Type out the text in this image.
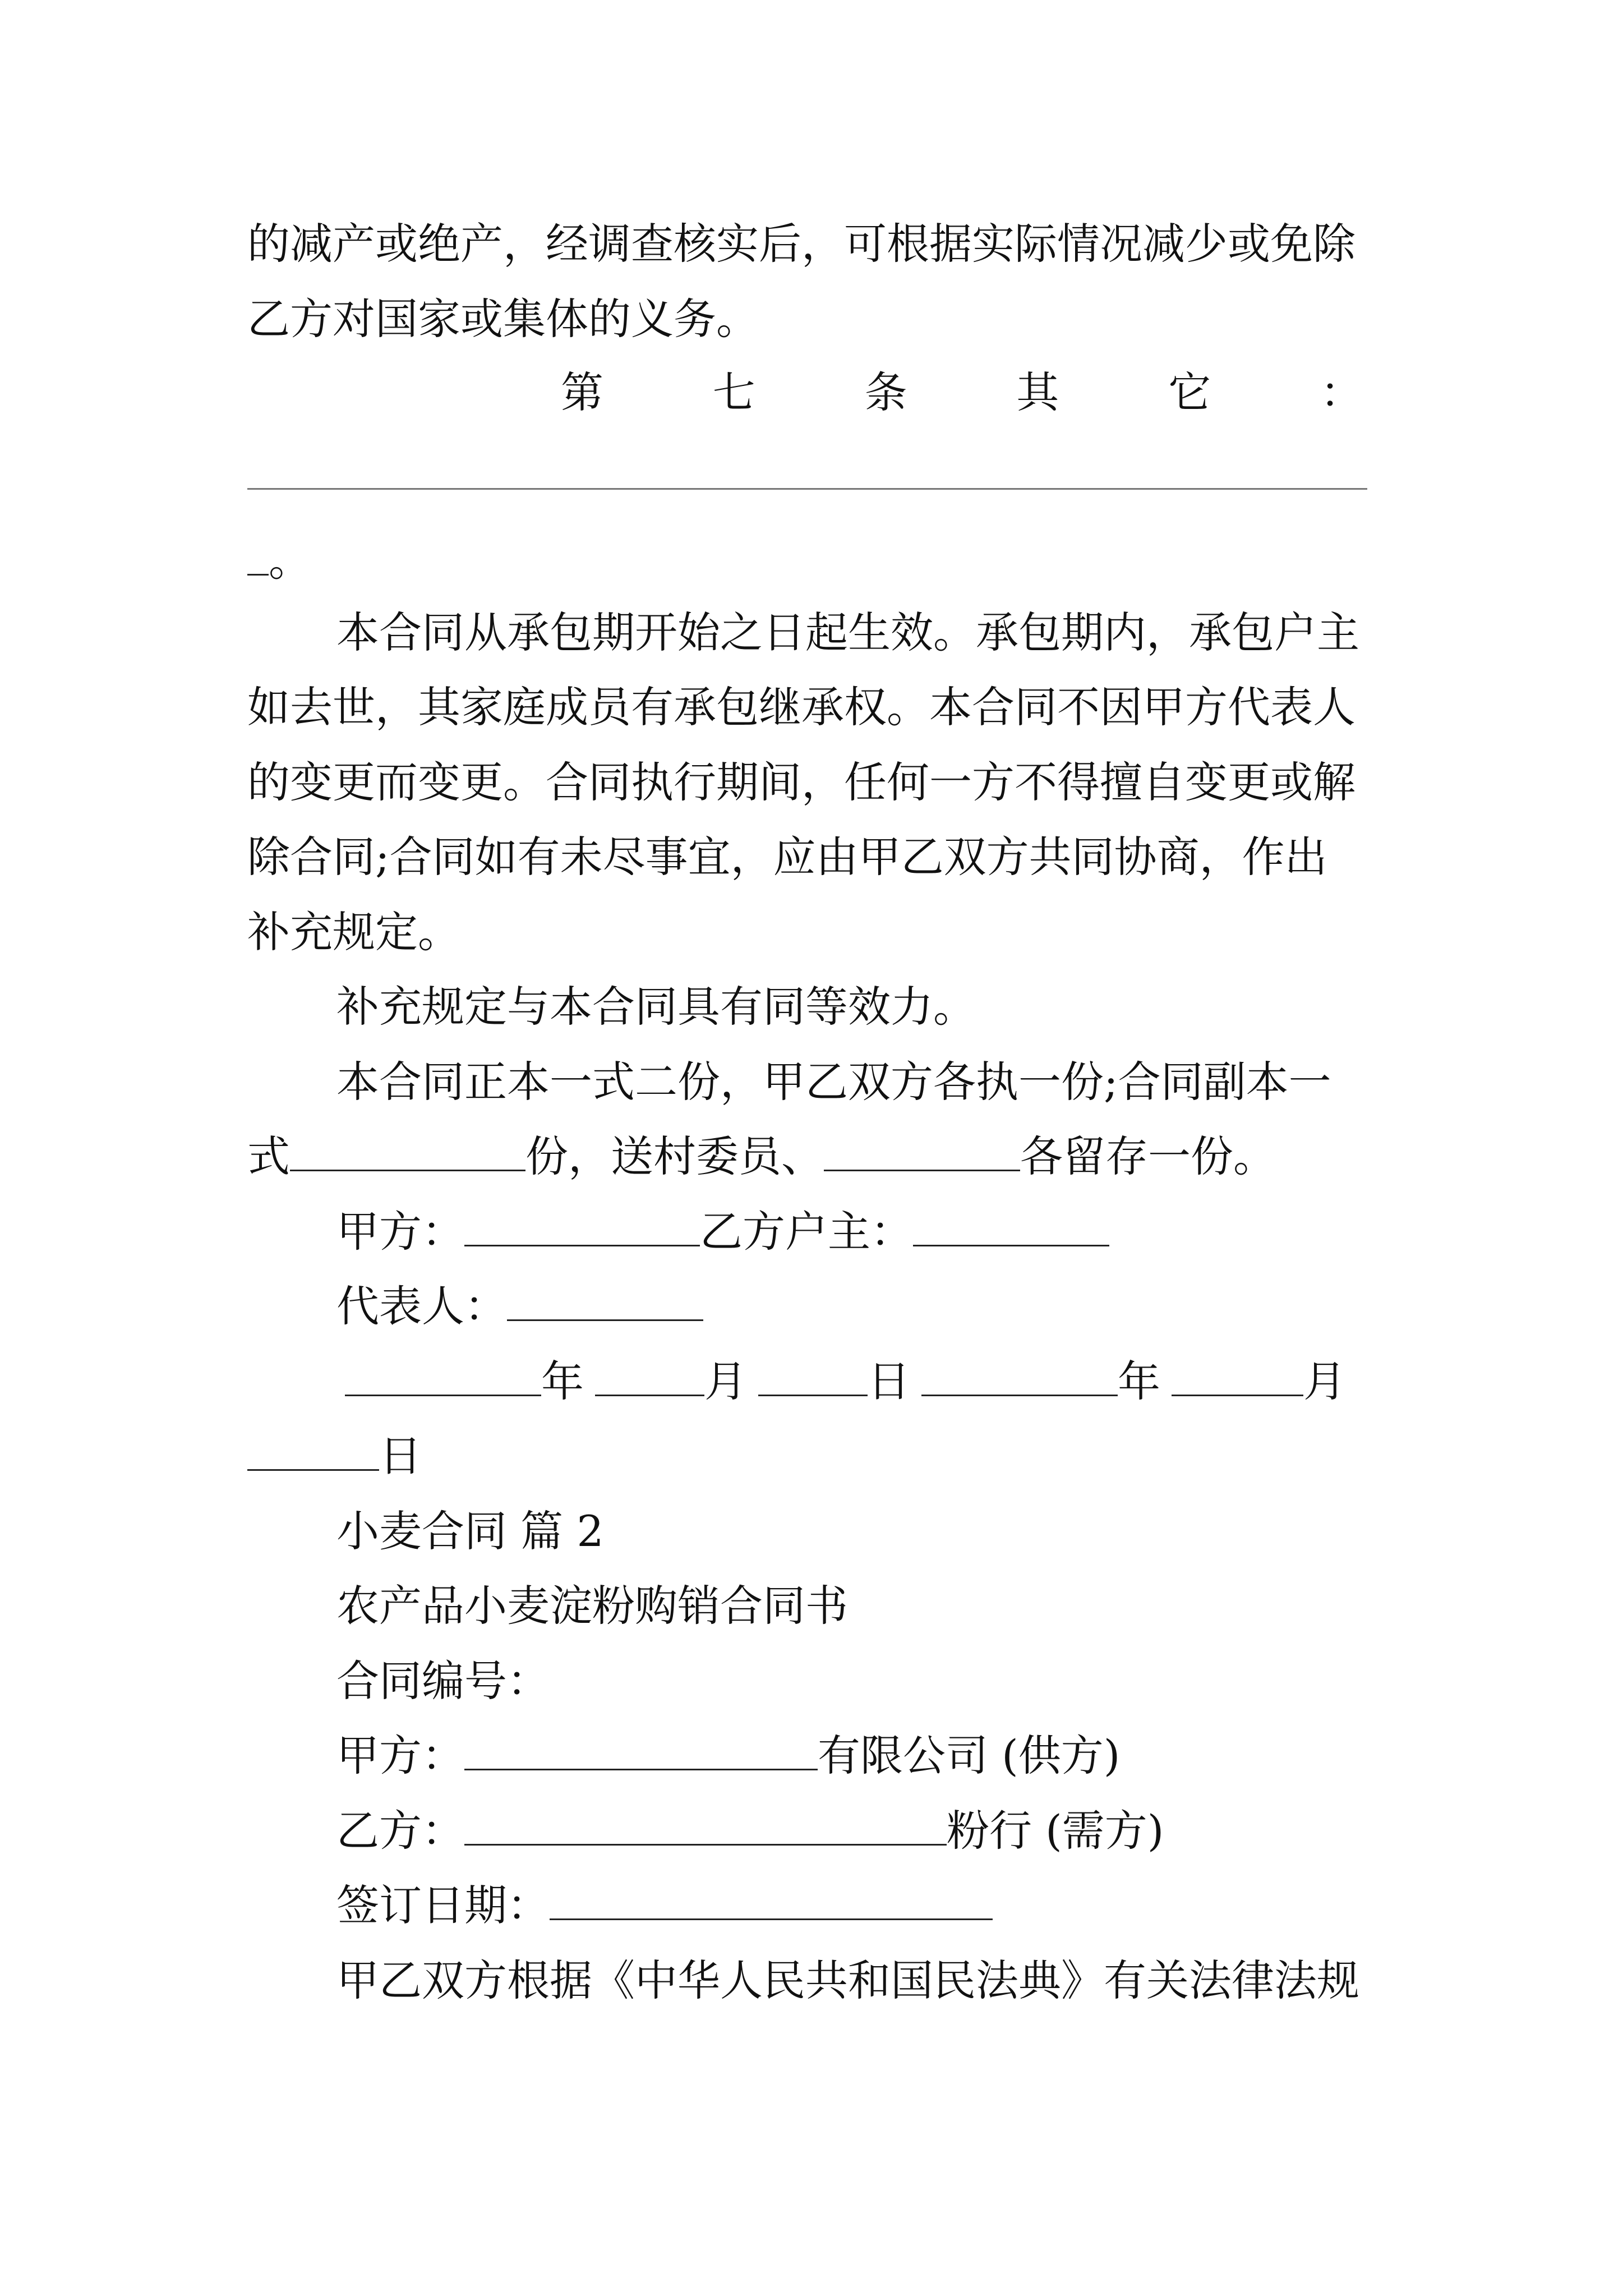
的减产或绝产，经调查核实后，可根据实际情况减少或免除
乙方对国家或集体的义务。
第	七	条	其	它	：
。
本合同从承包期开始之日起生效。承包期内，承包户主
如去世，其家庭成员有承包继承权。本合同不因甲方代表人
的变更而变更。合同执行期间，任何一方不得擅自变更或解
除合同;合同如有未尽事宜，应由甲乙双方共同协商，作出
补充规定。
补充规定与本合同具有同等效力。
本合同正本一式二份，甲乙双方各执一份;合同副本一
式	份，送村委员、	各留存一份。
甲方：	乙方户主：
代表人：
年	月	日	年	月
日
小麦合同 篇 2
农产品小麦淀粉购销合同书
合同编号：
甲方：	有限公司 (供方)
乙方：	粉行 (需方)
签订日期：
甲乙双方根据《中华人民共和国民法典》有关法律法规
